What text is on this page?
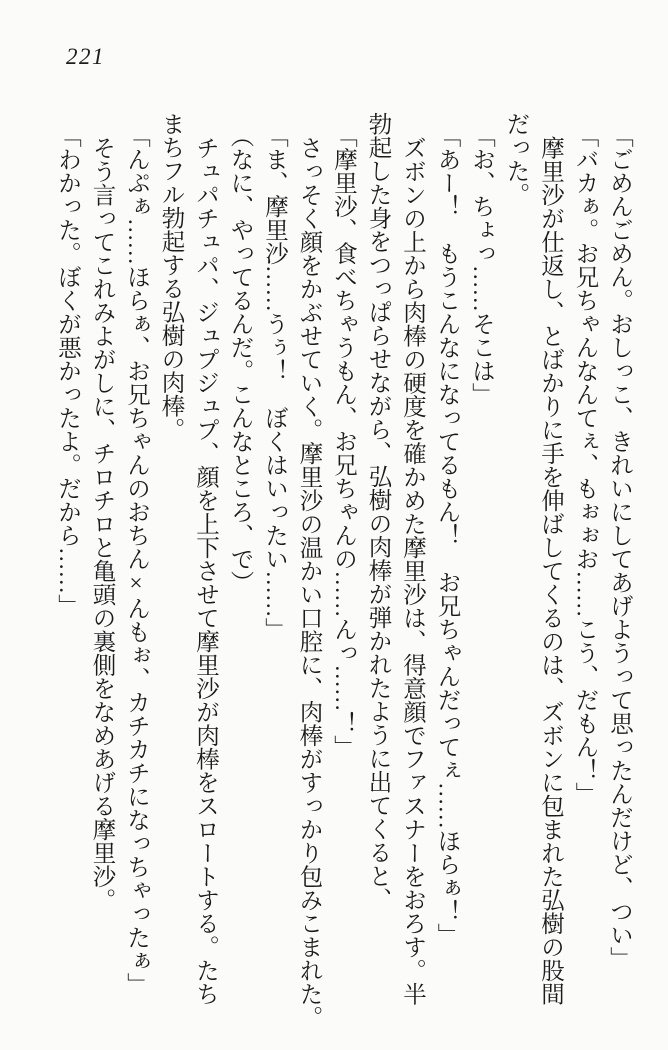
221
「ごめんごめん。おしっこ、きれいにしてあげようって思ったんだけど、つい」
「バカぁ。お兄ちゃんなんてぇ、もぉぉお……こう、だもん！」
摩里沙が仕返し、とばかりに手を伸ばしてくるのは、ズボンに包まれた弘樹の股間
だった。
「お、ちょっ……そこは」
「あー！　もうこんなになってるもん！　お兄ちゃんだってぇ……ほらぁ！」
ズボンの上から肉棒の硬度を確かめた摩里沙は、得意顔でファスナーをおろす。半
勃起した身をつっぱらせながら、弘樹の肉棒が弾かれたように出てくると、
「摩里沙、食べちゃうもん、お兄ちゃんの……んっ……！」
さっそく顔をかぶせていく。摩里沙の温かい口腔に、肉棒がすっかり包みこまれた。
「ま、摩里沙……うぅ！　ぼくはいったい……」
（なに、やってるんだ。こんなところ、で）
チュパチュパ、ジュプジュプ、顔を上下させて摩里沙が肉棒をスロートする。たち
まちフル勃起する弘樹の肉棒。
「んぷぁ……ほらぁ、お兄ちゃんのおちん×んもぉ、カチカチになっちゃったぁ」
そう言ってこれみよがしに、チロチロと亀頭の裏側をなめあげる摩里沙。
「わかった。ぼくが悪かったよ。だから……」
